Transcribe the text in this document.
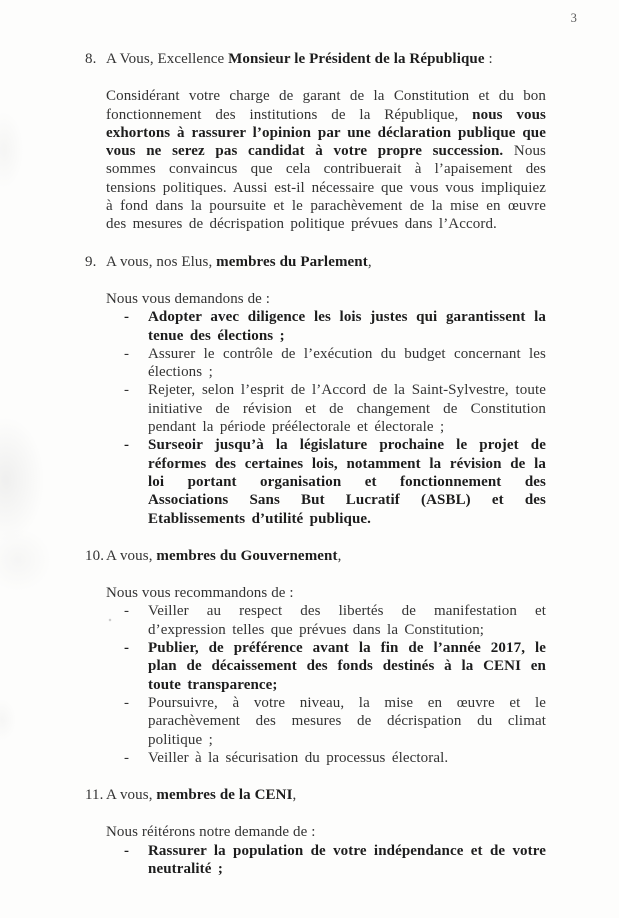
3
8. A Vous, Excellence Monsieur le Président de la République :

Considérant votre charge de garant de la Constitution et du bon fonctionnement des institutions de la République, nous vous exhortons à rassurer l’opinion par une déclaration publique que vous ne serez pas candidat à votre propre succession. Nous sommes convaincus que cela contribuerait à l’apaisement des tensions politiques. Aussi est-il nécessaire que vous vous impliquiez à fond dans la poursuite et le parachèvement de la mise en œuvre des mesures de décrispation politique prévues dans l’Accord.

9. A vous, nos Elus, membres du Parlement,

Nous vous demandons de :

- Adopter avec diligence les lois justes qui garantissent la tenue des élections ;
- Assurer le contrôle de l’exécution du budget concernant les élections ;
- Rejeter, selon l’esprit de l’Accord de la Saint-Sylvestre, toute initiative de révision et de changement de Constitution pendant la période préélectorale et électorale ;
- Surseoir jusqu’à la législature prochaine le projet de réformes des certaines lois, notamment la révision de la loi portant organisation et fonctionnement des Associations Sans But Lucratif (ASBL) et des Etablissements d’utilité publique.
10. A vous, membres du Gouvernement,

Nous vous recommandons de :

- Veiller au respect des libertés de manifestation et d’expression telles que prévues dans la Constitution;
- Publier, de préférence avant la fin de l’année 2017, le plan de décaissement des fonds destinés à la CENI en toute transparence;
- Poursuivre, à votre niveau, la mise en œuvre et le parachèvement des mesures de décrispation du climat politique ;
- Veiller à la sécurisation du processus électoral.
11. A vous, membres de la CENI,

Nous réitérons notre demande de :

- Rassurer la population de votre indépendance et de votre neutralité ;
